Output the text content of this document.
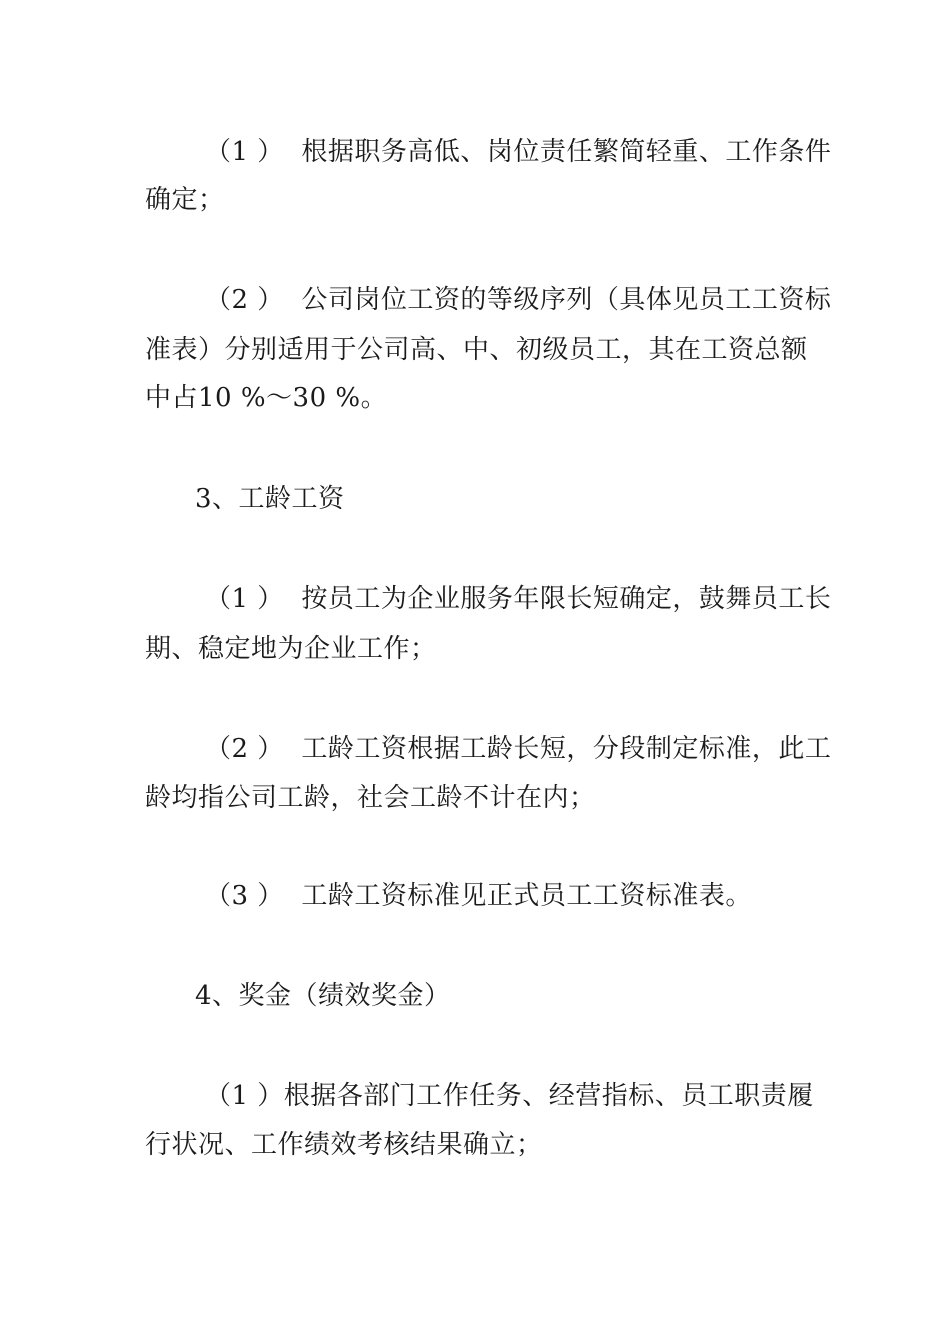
（1 ）  根据职务高低、岗位责任繁简轻重、工作条件
确定；
（2 ）  公司岗位工资的等级序列（具体见员工工资标
准表）分别适用于公司高、中、初级员工，其在工资总额
中占10 %～30 %。
3、工龄工资
（1 ）  按员工为企业服务年限长短确定，鼓舞员工长
期、稳定地为企业工作；
（2 ）  工龄工资根据工龄长短，分段制定标准，此工
龄均指公司工龄，社会工龄不计在内；
（3 ）  工龄工资标准见正式员工工资标准表。
4、奖金（绩效奖金）
（1 ）根据各部门工作任务、经营指标、员工职责履
行状况、工作绩效考核结果确立；
